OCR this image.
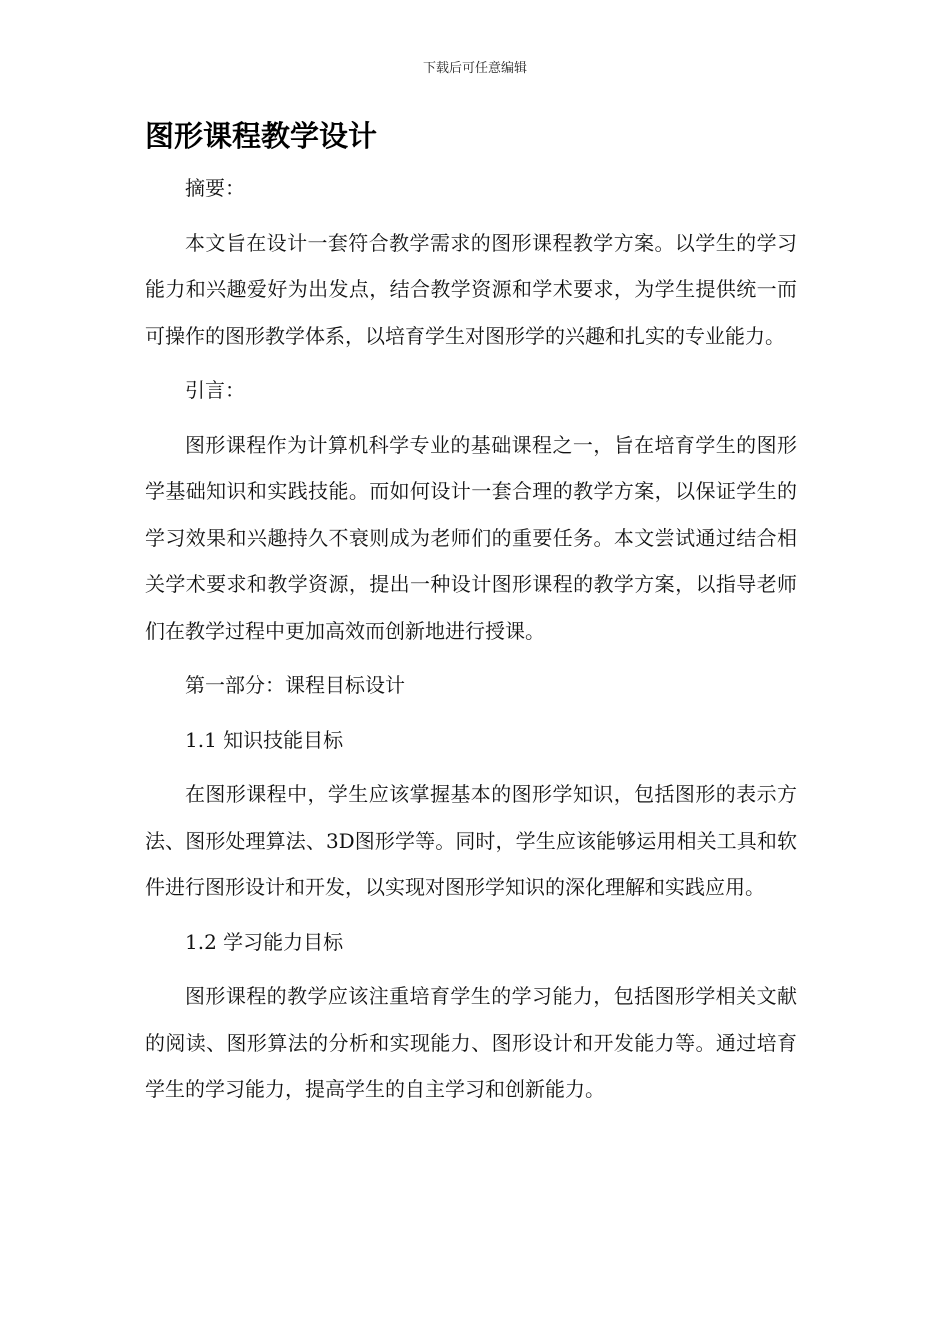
下载后可任意编辑
图形课程教学设计

摘要：

本文旨在设计一套符合教学需求的图形课程教学方案。以学生的学习能力和兴趣爱好为出发点，结合教学资源和学术要求，为学生提供统一而可操作的图形教学体系，以培育学生对图形学的兴趣和扎实的专业能力。

引言：

图形课程作为计算机科学专业的基础课程之一，旨在培育学生的图形学基础知识和实践技能。而如何设计一套合理的教学方案，以保证学生的学习效果和兴趣持久不衰则成为老师们的重要任务。本文尝试通过结合相关学术要求和教学资源，提出一种设计图形课程的教学方案，以指导老师们在教学过程中更加高效而创新地进行授课。

第一部分：课程目标设计

1.1 知识技能目标

在图形课程中，学生应该掌握基本的图形学知识，包括图形的表示方法、图形处理算法、3D图形学等。同时，学生应该能够运用相关工具和软件进行图形设计和开发，以实现对图形学知识的深化理解和实践应用。

1.2 学习能力目标

图形课程的教学应该注重培育学生的学习能力，包括图形学相关文献的阅读、图形算法的分析和实现能力、图形设计和开发能力等。通过培育学生的学习能力，提高学生的自主学习和创新能力。
